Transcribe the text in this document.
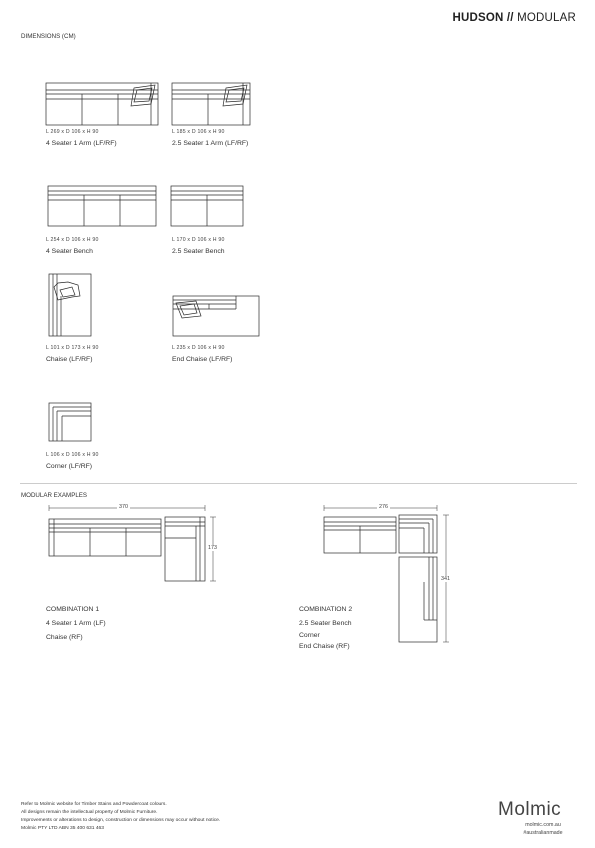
HUDSON // MODULAR
DIMENSIONS (CM)
L 269 x D 106 x H 90
4 Seater 1 Arm (LF/RF)
L 185 x D 106 x H 90
2.5 Seater 1 Arm (LF/RF)
L 254 x D 106 x H 90
4 Seater Bench
L 170 x D 106 x H 90
2.5 Seater Bench
L 101 x D 173 x H 90
Chaise (LF/RF)
L 235 x D 106 x H 90
End Chaise (LF/RF)
L 106 x D 106 x H 90
Corner (LF/RF)
MODULAR EXAMPLES
370
173
276
341
COMBINATION 1
4 Seater 1 Arm (LF)
Chaise (RF)
COMBINATION 2
2.5 Seater Bench
Corner
End Chaise (RF)
Refer to Molmic website for Timber Stains and Powdercoat colours.
All designs remain the intellectual property of Molmic Furniture.
Improvements or alterations to design, construction or dimensions may occur without notice.
Molmic PTY LTD ABN 35 400 631 463
Molmic
molmic.com.au
#australianmade
